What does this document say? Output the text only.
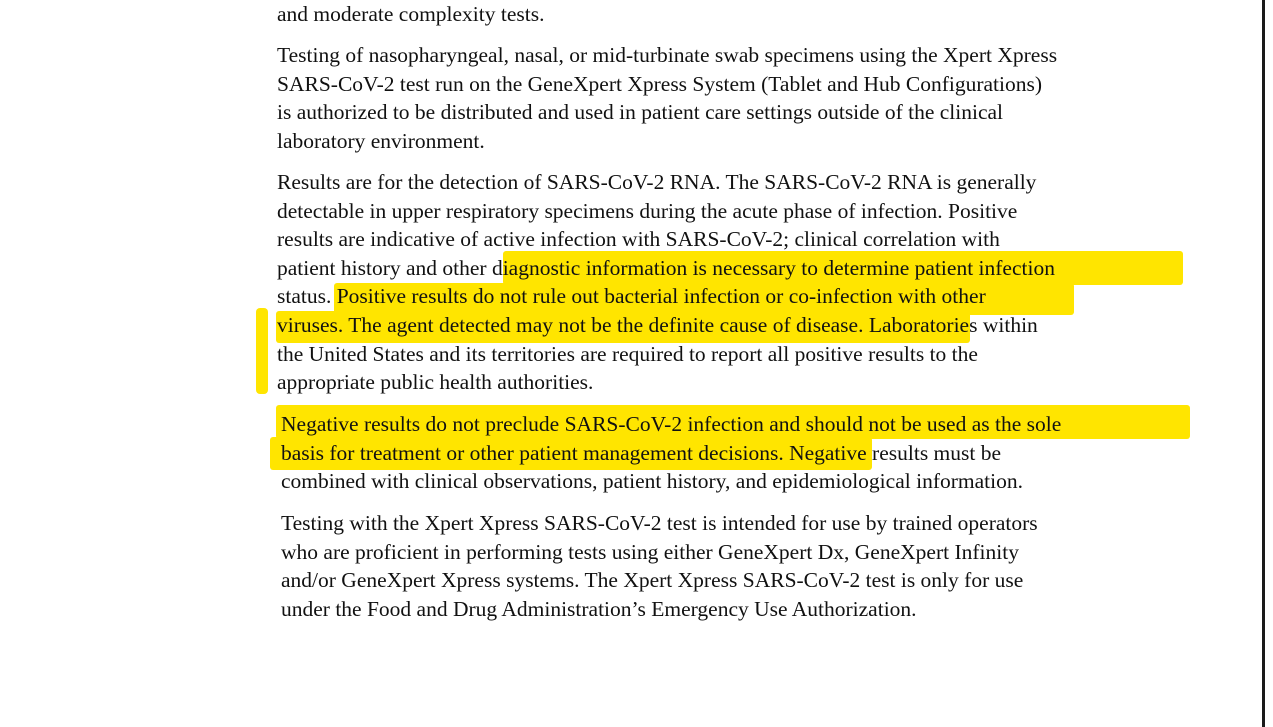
and moderate complexity tests.
Testing of nasopharyngeal, nasal, or mid-turbinate swab specimens using the Xpert Xpress
SARS-CoV-2 test run on the GeneXpert Xpress System (Tablet and Hub Configurations)
is authorized to be distributed and used in patient care settings outside of the clinical
laboratory environment.
Results are for the detection of SARS-CoV-2 RNA. The SARS-CoV-2 RNA is generally
detectable in upper respiratory specimens during the acute phase of infection. Positive
results are indicative of active infection with SARS-CoV-2; clinical correlation with
patient history and other diagnostic information is necessary to determine patient infection
status. Positive results do not rule out bacterial infection or co-infection with other
viruses. The agent detected may not be the definite cause of disease. Laboratories within
the United States and its territories are required to report all positive results to the
appropriate public health authorities.
Negative results do not preclude SARS-CoV-2 infection and should not be used as the sole
basis for treatment or other patient management decisions. Negative results must be
combined with clinical observations, patient history, and epidemiological information.
Testing with the Xpert Xpress SARS-CoV-2 test is intended for use by trained operators
who are proficient in performing tests using either GeneXpert Dx, GeneXpert Infinity
and/or GeneXpert Xpress systems. The Xpert Xpress SARS-CoV-2 test is only for use
under the Food and Drug Administration’s Emergency Use Authorization.
